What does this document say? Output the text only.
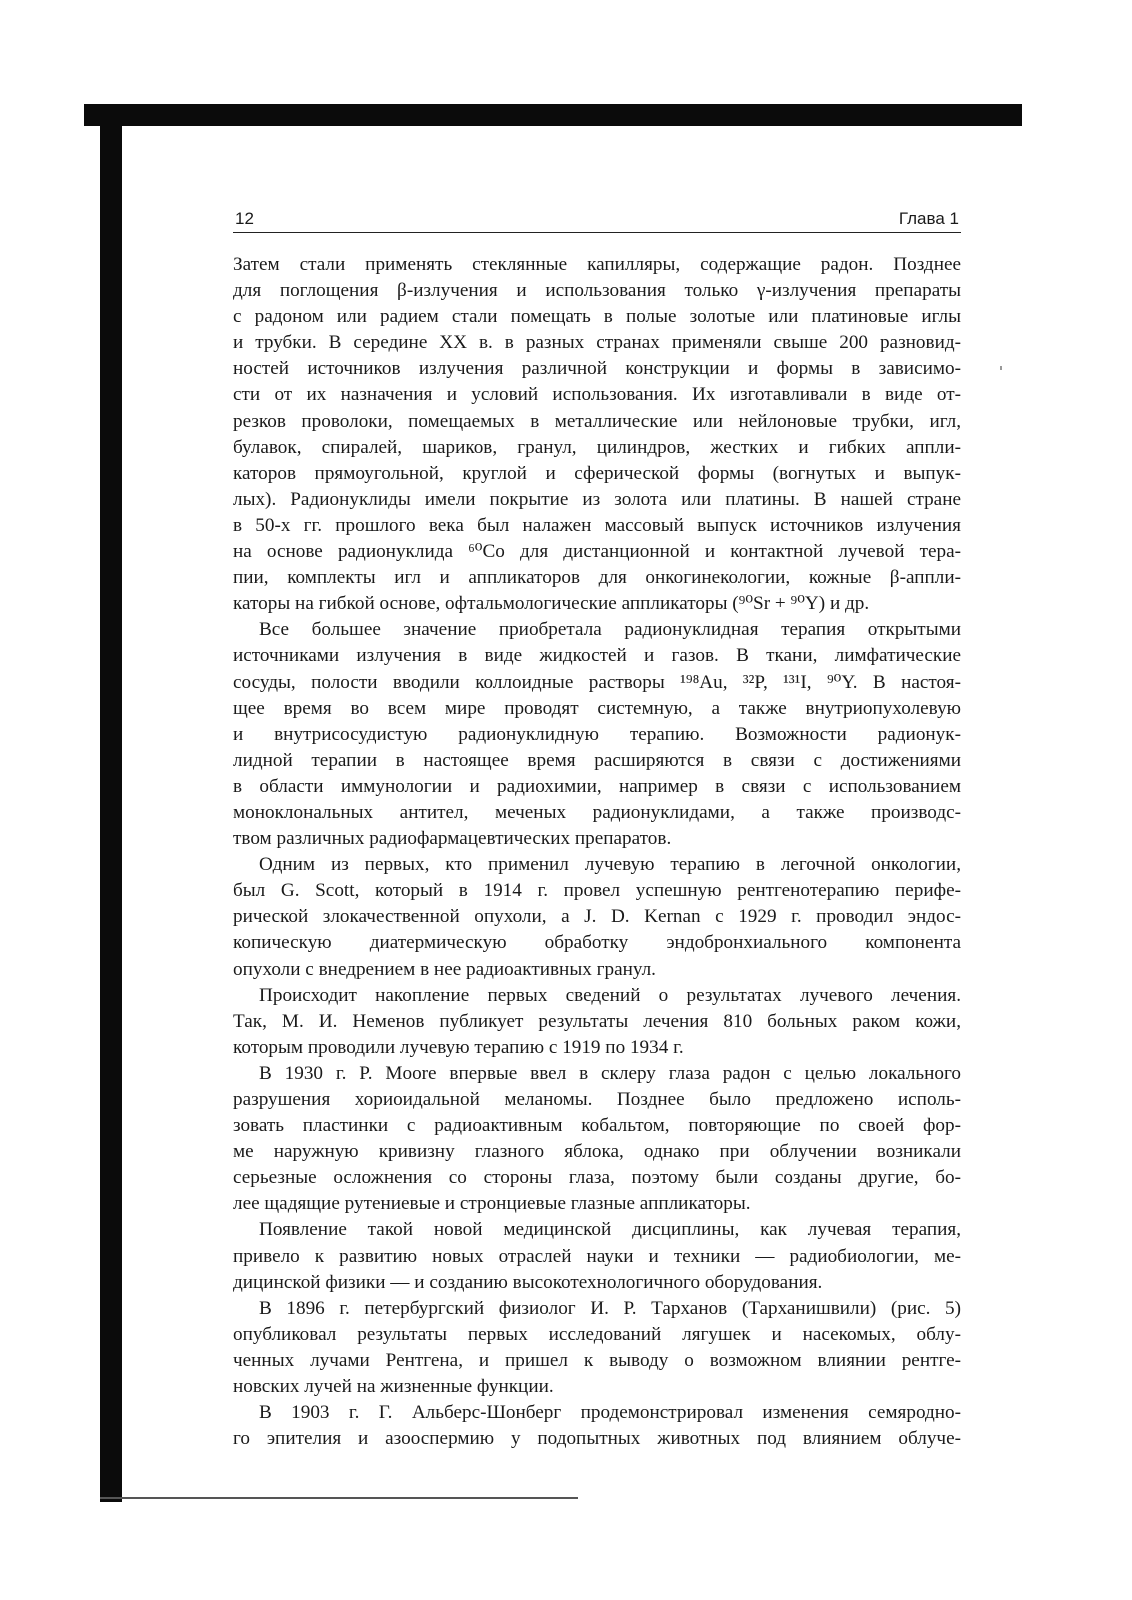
12	Глава 1
Затем стали применять стеклянные капилляры, содержащие радон. Позднее
для поглощения β-излучения и использования только γ-излучения препараты
с радоном или радием стали помещать в полые золотые или платиновые иглы
и трубки. В середине XX в. в разных странах применяли свыше 200 разновид-
ностей источников излучения различной конструкции и формы в зависимо-
сти от их назначения и условий использования. Их изготавливали в виде от-
резков проволоки, помещаемых в металлические или нейлоновые трубки, игл,
булавок, спиралей, шариков, гранул, цилиндров, жестких и гибких аппли-
каторов прямоугольной, круглой и сферической формы (вогнутых и выпук-
лых). Радионуклиды имели покрытие из золота или платины. В нашей стране
в 50-х гг. прошлого века был налажен массовый выпуск источников излучения
на основе радионуклида ⁶⁰Co для дистанционной и контактной лучевой тера-
пии, комплекты игл и аппликаторов для онкогинекологии, кожные β-аппли-
каторы на гибкой основе, офтальмологические аппликаторы (⁹⁰Sr + ⁹⁰Y) и др.
Все большее значение приобретала радионуклидная терапия открытыми
источниками излучения в виде жидкостей и газов. В ткани, лимфатические
сосуды, полости вводили коллоидные растворы ¹⁹⁸Au, ³²P, ¹³¹I, ⁹⁰Y. В настоя-
щее время во всем мире проводят системную, а также внутриопухолевую
и внутрисосудистую радионуклидную терапию. Возможности радионук-
лидной терапии в настоящее время расширяются в связи с достижениями
в области иммунологии и радиохимии, например в связи с использованием
моноклональных антител, меченых радионуклидами, а также производс-
твом различных радиофармацевтических препаратов.
Одним из первых, кто применил лучевую терапию в легочной онкологии,
был G. Scott, который в 1914 г. провел успешную рентгенотерапию перифе-
рической злокачественной опухоли, а J. D. Kernan с 1929 г. проводил эндос-
копическую диатермическую обработку эндобронхиального компонента
опухоли с внедрением в нее радиоактивных гранул.
Происходит накопление первых сведений о результатах лучевого лечения.
Так, М. И. Неменов публикует результаты лечения 810 больных раком кожи,
которым проводили лучевую терапию с 1919 по 1934 г.
В 1930 г. P. Moore впервые ввел в склеру глаза радон с целью локального
разрушения хориоидальной меланомы. Позднее было предложено исполь-
зовать пластинки с радиоактивным кобальтом, повторяющие по своей фор-
ме наружную кривизну глазного яблока, однако при облучении возникали
серьезные осложнения со стороны глаза, поэтому были созданы другие, бо-
лее щадящие рутениевые и стронциевые глазные аппликаторы.
Появление такой новой медицинской дисциплины, как лучевая терапия,
привело к развитию новых отраслей науки и техники — радиобиологии, ме-
дицинской физики — и созданию высокотехнологичного оборудования.
В 1896 г. петербургский физиолог И. Р. Тарханов (Тарханишвили) (рис. 5)
опубликовал результаты первых исследований лягушек и насекомых, облу-
ченных лучами Рентгена, и пришел к выводу о возможном влиянии рентге-
новских лучей на жизненные функции.
В 1903 г. Г. Альберс-Шонберг продемонстрировал изменения семяродно-
го эпителия и азооспермию у подопытных животных под влиянием облуче-
